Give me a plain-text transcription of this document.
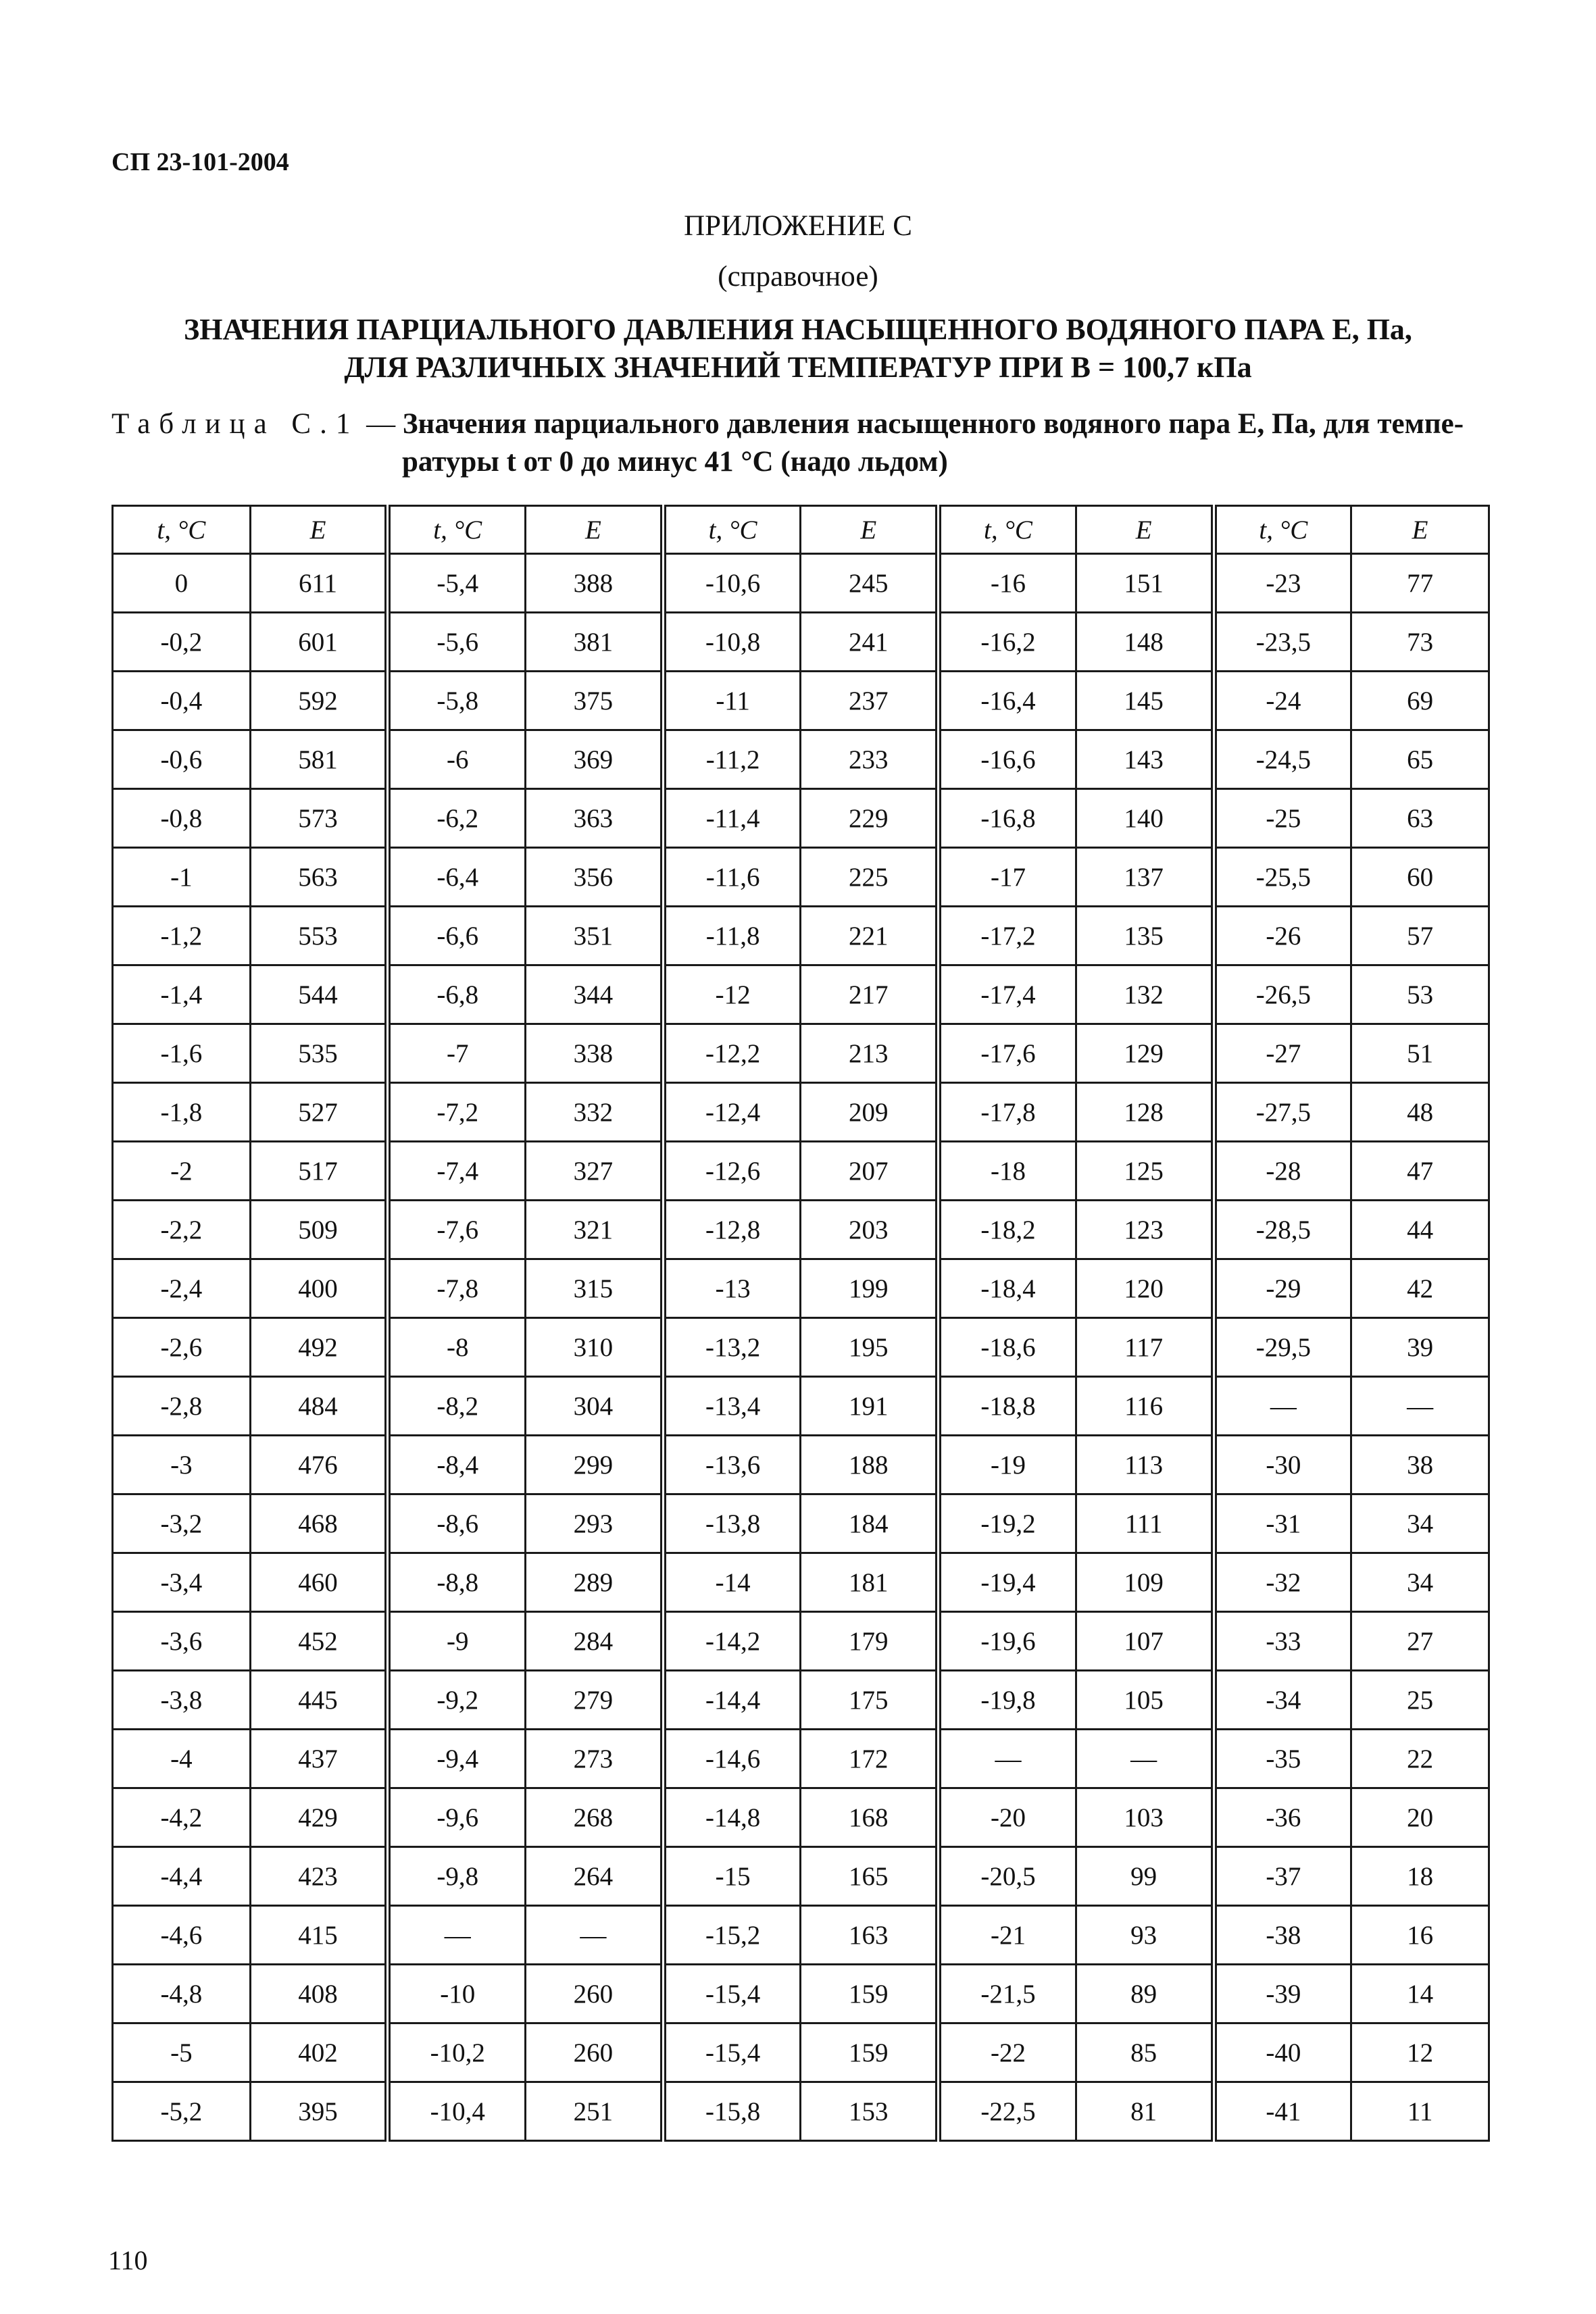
СП 23-101-2004
ПРИЛОЖЕНИЕ С
(справочное)
ЗНАЧЕНИЯ ПАРЦИАЛЬНОГО ДАВЛЕНИЯ НАСЫЩЕННОГО ВОДЯНОГО ПАРА E, Па,
ДЛЯ РАЗЛИЧНЫХ ЗНАЧЕНИЙ ТЕМПЕРАТУР ПРИ B = 100,7 кПа
Таблица С.1 — Значения парциального давления насыщенного водяного пара E, Па, для темпе-
ратуры t от 0 до минус 41 °С (надо льдом)
t, °С	E	t, °С	E	t, °С	E	t, °С	E	t, °С	E
0	611	-5,4	388	-10,6	245	-16	151	-23	77
-0,2	601	-5,6	381	-10,8	241	-16,2	148	-23,5	73
-0,4	592	-5,8	375	-11	237	-16,4	145	-24	69
-0,6	581	-6	369	-11,2	233	-16,6	143	-24,5	65
-0,8	573	-6,2	363	-11,4	229	-16,8	140	-25	63
-1	563	-6,4	356	-11,6	225	-17	137	-25,5	60
-1,2	553	-6,6	351	-11,8	221	-17,2	135	-26	57
-1,4	544	-6,8	344	-12	217	-17,4	132	-26,5	53
-1,6	535	-7	338	-12,2	213	-17,6	129	-27	51
-1,8	527	-7,2	332	-12,4	209	-17,8	128	-27,5	48
-2	517	-7,4	327	-12,6	207	-18	125	-28	47
-2,2	509	-7,6	321	-12,8	203	-18,2	123	-28,5	44
-2,4	400	-7,8	315	-13	199	-18,4	120	-29	42
-2,6	492	-8	310	-13,2	195	-18,6	117	-29,5	39
-2,8	484	-8,2	304	-13,4	191	-18,8	116	—	—
-3	476	-8,4	299	-13,6	188	-19	113	-30	38
-3,2	468	-8,6	293	-13,8	184	-19,2	111	-31	34
-3,4	460	-8,8	289	-14	181	-19,4	109	-32	34
-3,6	452	-9	284	-14,2	179	-19,6	107	-33	27
-3,8	445	-9,2	279	-14,4	175	-19,8	105	-34	25
-4	437	-9,4	273	-14,6	172	—	—	-35	22
-4,2	429	-9,6	268	-14,8	168	-20	103	-36	20
-4,4	423	-9,8	264	-15	165	-20,5	99	-37	18
-4,6	415	—	—	-15,2	163	-21	93	-38	16
-4,8	408	-10	260	-15,4	159	-21,5	89	-39	14
-5	402	-10,2	260	-15,4	159	-22	85	-40	12
-5,2	395	-10,4	251	-15,8	153	-22,5	81	-41	11
110
